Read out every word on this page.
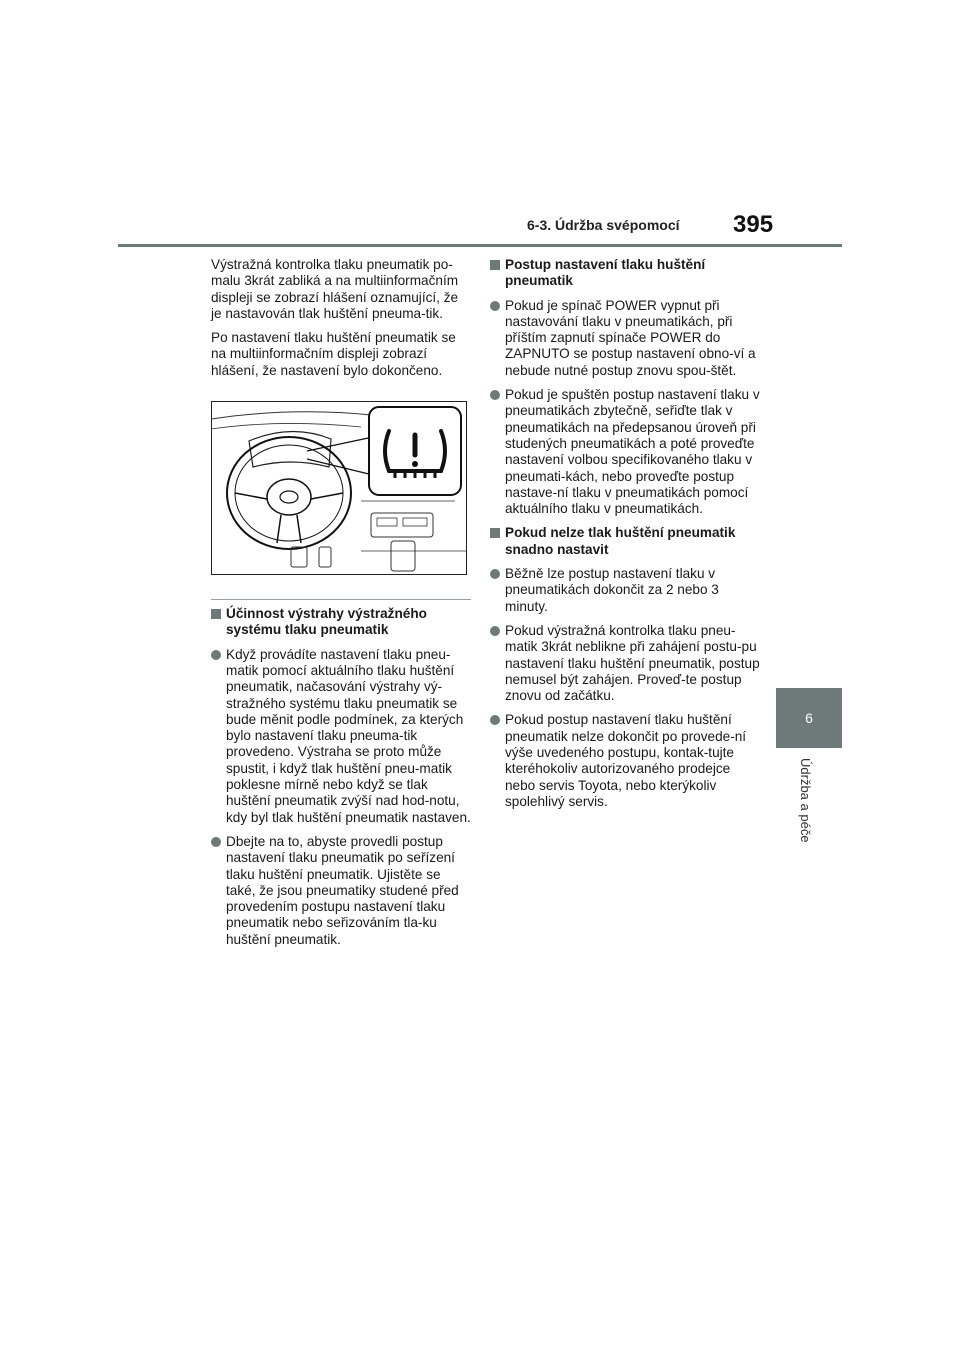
6-3. Údržba svépomocí 395
6
Údržba a péče

Výstražná kontrolka tlaku pneumatik po-malu 3krát zabliká a na multiinformačním displeji se zobrazí hlášení oznamující, že je nastavován tlak huštění pneuma-tik.

Po nastavení tlaku huštění pneumatik se na multiinformačním displeji zobrazí hlášení, že nastavení bylo dokončeno.

Účinnost výstrahy výstražného systému tlaku pneumatik
Když provádíte nastavení tlaku pneu-matik pomocí aktuálního tlaku huštění pneumatik, načasování výstrahy vý-stražného systému tlaku pneumatik se bude měnit podle podmínek, za kterých bylo nastavení tlaku pneuma-tik provedeno. Výstraha se proto může spustit, i když tlak huštění pneu-matik poklesne mírně nebo když se tlak huštění pneumatik zvýší nad hod-notu, kdy byl tlak huštění pneumatik nastaven.
Dbejte na to, abyste provedli postup nastavení tlaku pneumatik po seřízení tlaku huštění pneumatik. Ujistěte se také, že jsou pneumatiky studené před provedením postupu nastavení tlaku pneumatik nebo seřizováním tla-ku huštění pneumatik.
Postup nastavení tlaku huštění pneumatik
Pokud je spínač POWER vypnut při nastavování tlaku v pneumatikách, při příštím zapnutí spínače POWER do ZAPNUTO se postup nastavení obno-ví a nebude nutné postup znovu spou-štět.
Pokud je spuštěn postup nastavení tlaku v pneumatikách zbytečně, seřiďte tlak v pneumatikách na předepsanou úroveň při studených pneumatikách a poté proveďte nastavení volbou specifikovaného tlaku v pneumati-kách, nebo proveďte postup nastave-ní tlaku v pneumatikách pomocí aktuálního tlaku v pneumatikách.
Pokud nelze tlak huštění pneumatik snadno nastavit
Běžně lze postup nastavení tlaku v pneumatikách dokončit za 2 nebo 3 minuty.
Pokud výstražná kontrolka tlaku pneu-matik 3krát neblikne při zahájení postu-pu nastavení tlaku huštění pneumatik, postup nemusel být zahájen. Proveď-te postup znovu od začátku.
Pokud postup nastavení tlaku huštění pneumatik nelze dokončit po provede-ní výše uvedeného postupu, kontak-tujte kteréhokoliv autorizovaného prodejce nebo servis Toyota, nebo kterýkoliv spolehlivý servis.
